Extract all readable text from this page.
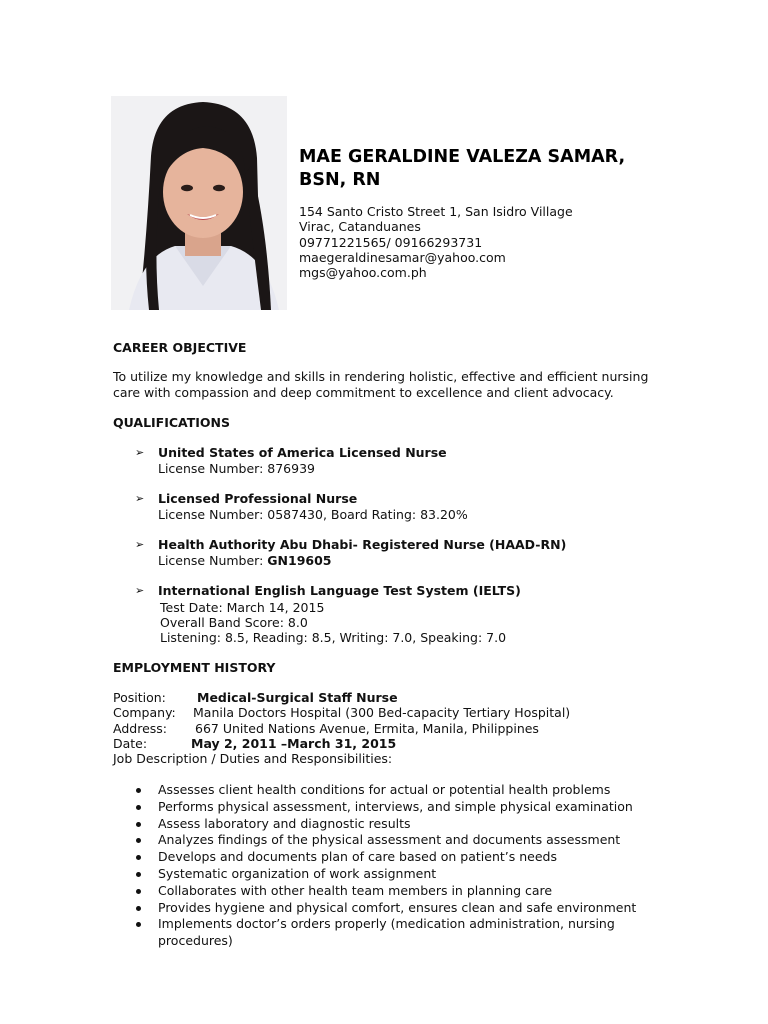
MAE GERALDINE VALEZA SAMAR,
BSN, RN
154 Santo Cristo Street 1, San Isidro Village
Virac, Catanduanes
09771221565/ 09166293731
maegeraldinesamar@yahoo.com
mgs@yahoo.com.ph
CAREER OBJECTIVE
To utilize my knowledge and skills in rendering holistic, effective and efficient nursing
care with compassion and deep commitment to excellence and client advocacy.
QUALIFICATIONS
➢	United States of America Licensed Nurse
License Number: 876939
➢	Licensed Professional Nurse
License Number: 0587430, Board Rating: 83.20%
➢	Health Authority Abu Dhabi- Registered Nurse (HAAD-RN)
License Number: GN19605
➢	International English Language Test System (IELTS)
Test Date: March 14, 2015
Overall Band Score: 8.0
Listening: 8.5, Reading: 8.5, Writing: 7.0, Speaking: 7.0
EMPLOYMENT HISTORY
Position: Medical-Surgical Staff Nurse
Company: Manila Doctors Hospital (300 Bed-capacity Tertiary Hospital)
Address: 667 United Nations Avenue, Ermita, Manila, Philippines
Date:	May 2, 2011 –March 31, 2015
Job Description / Duties and Responsibilities:
Assesses client health conditions for actual or potential health problems
Performs physical assessment, interviews, and simple physical examination
Assess laboratory and diagnostic results
Analyzes findings of the physical assessment and documents assessment
Develops and documents plan of care based on patient’s needs
Systematic organization of work assignment
Collaborates with other health team members in planning care
Provides hygiene and physical comfort, ensures clean and safe environment
Implements doctor’s orders properly (medication administration, nursing
procedures)
